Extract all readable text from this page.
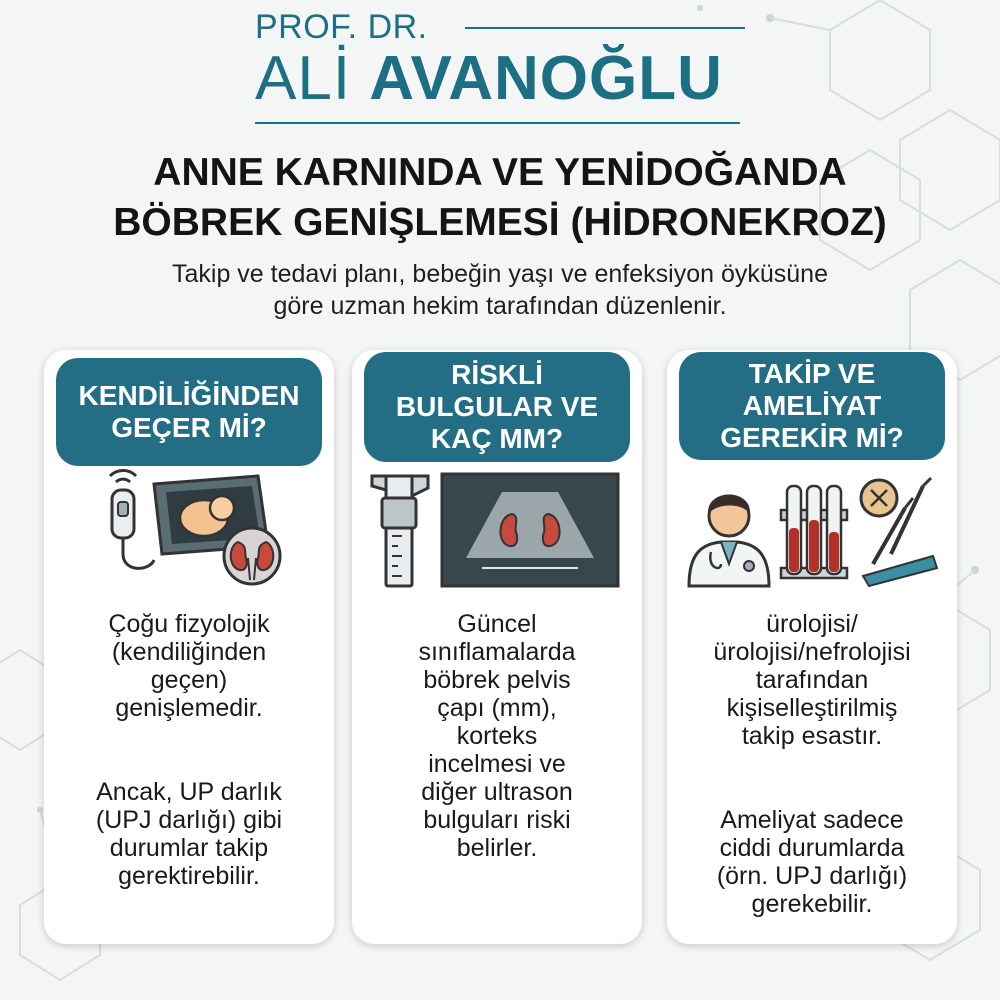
PROF. DR.
ALİ AVANOĞLU
ANNE KARNINDA VE YENİDOĞANDA
BÖBREK GENİŞLEMESİ (HİDRONEKROZ)
Takip ve tedavi planı, bebeğin yaşı ve enfeksiyon öyküsüne
göre uzman hekim tarafından düzenlenir.
KENDİLİĞİNDEN
GEÇER Mİ?

Çoğu fizyolojik
(kendiliğinden
geçen)
genişlemedir.

Ancak, UP darlık
(UPJ darlığı) gibi
durumlar takip
gerektirebilir.

RİSKLİ
BULGULAR VE
KAÇ MM?

Güncel
sınıflamalarda
böbrek pelvis
çapı (mm),
korteks
incelmesi ve
diğer ultrason
bulguları riski
belirler.

TAKİP VE
AMELİYAT
GEREKİR Mİ?

ürolojisi/
ürolojisi/nefrolojisi
tarafından
kişiselleştirilmiş
takip esastır.

Ameliyat sadece
ciddi durumlarda
(örn. UPJ darlığı)
gerekebilir.
